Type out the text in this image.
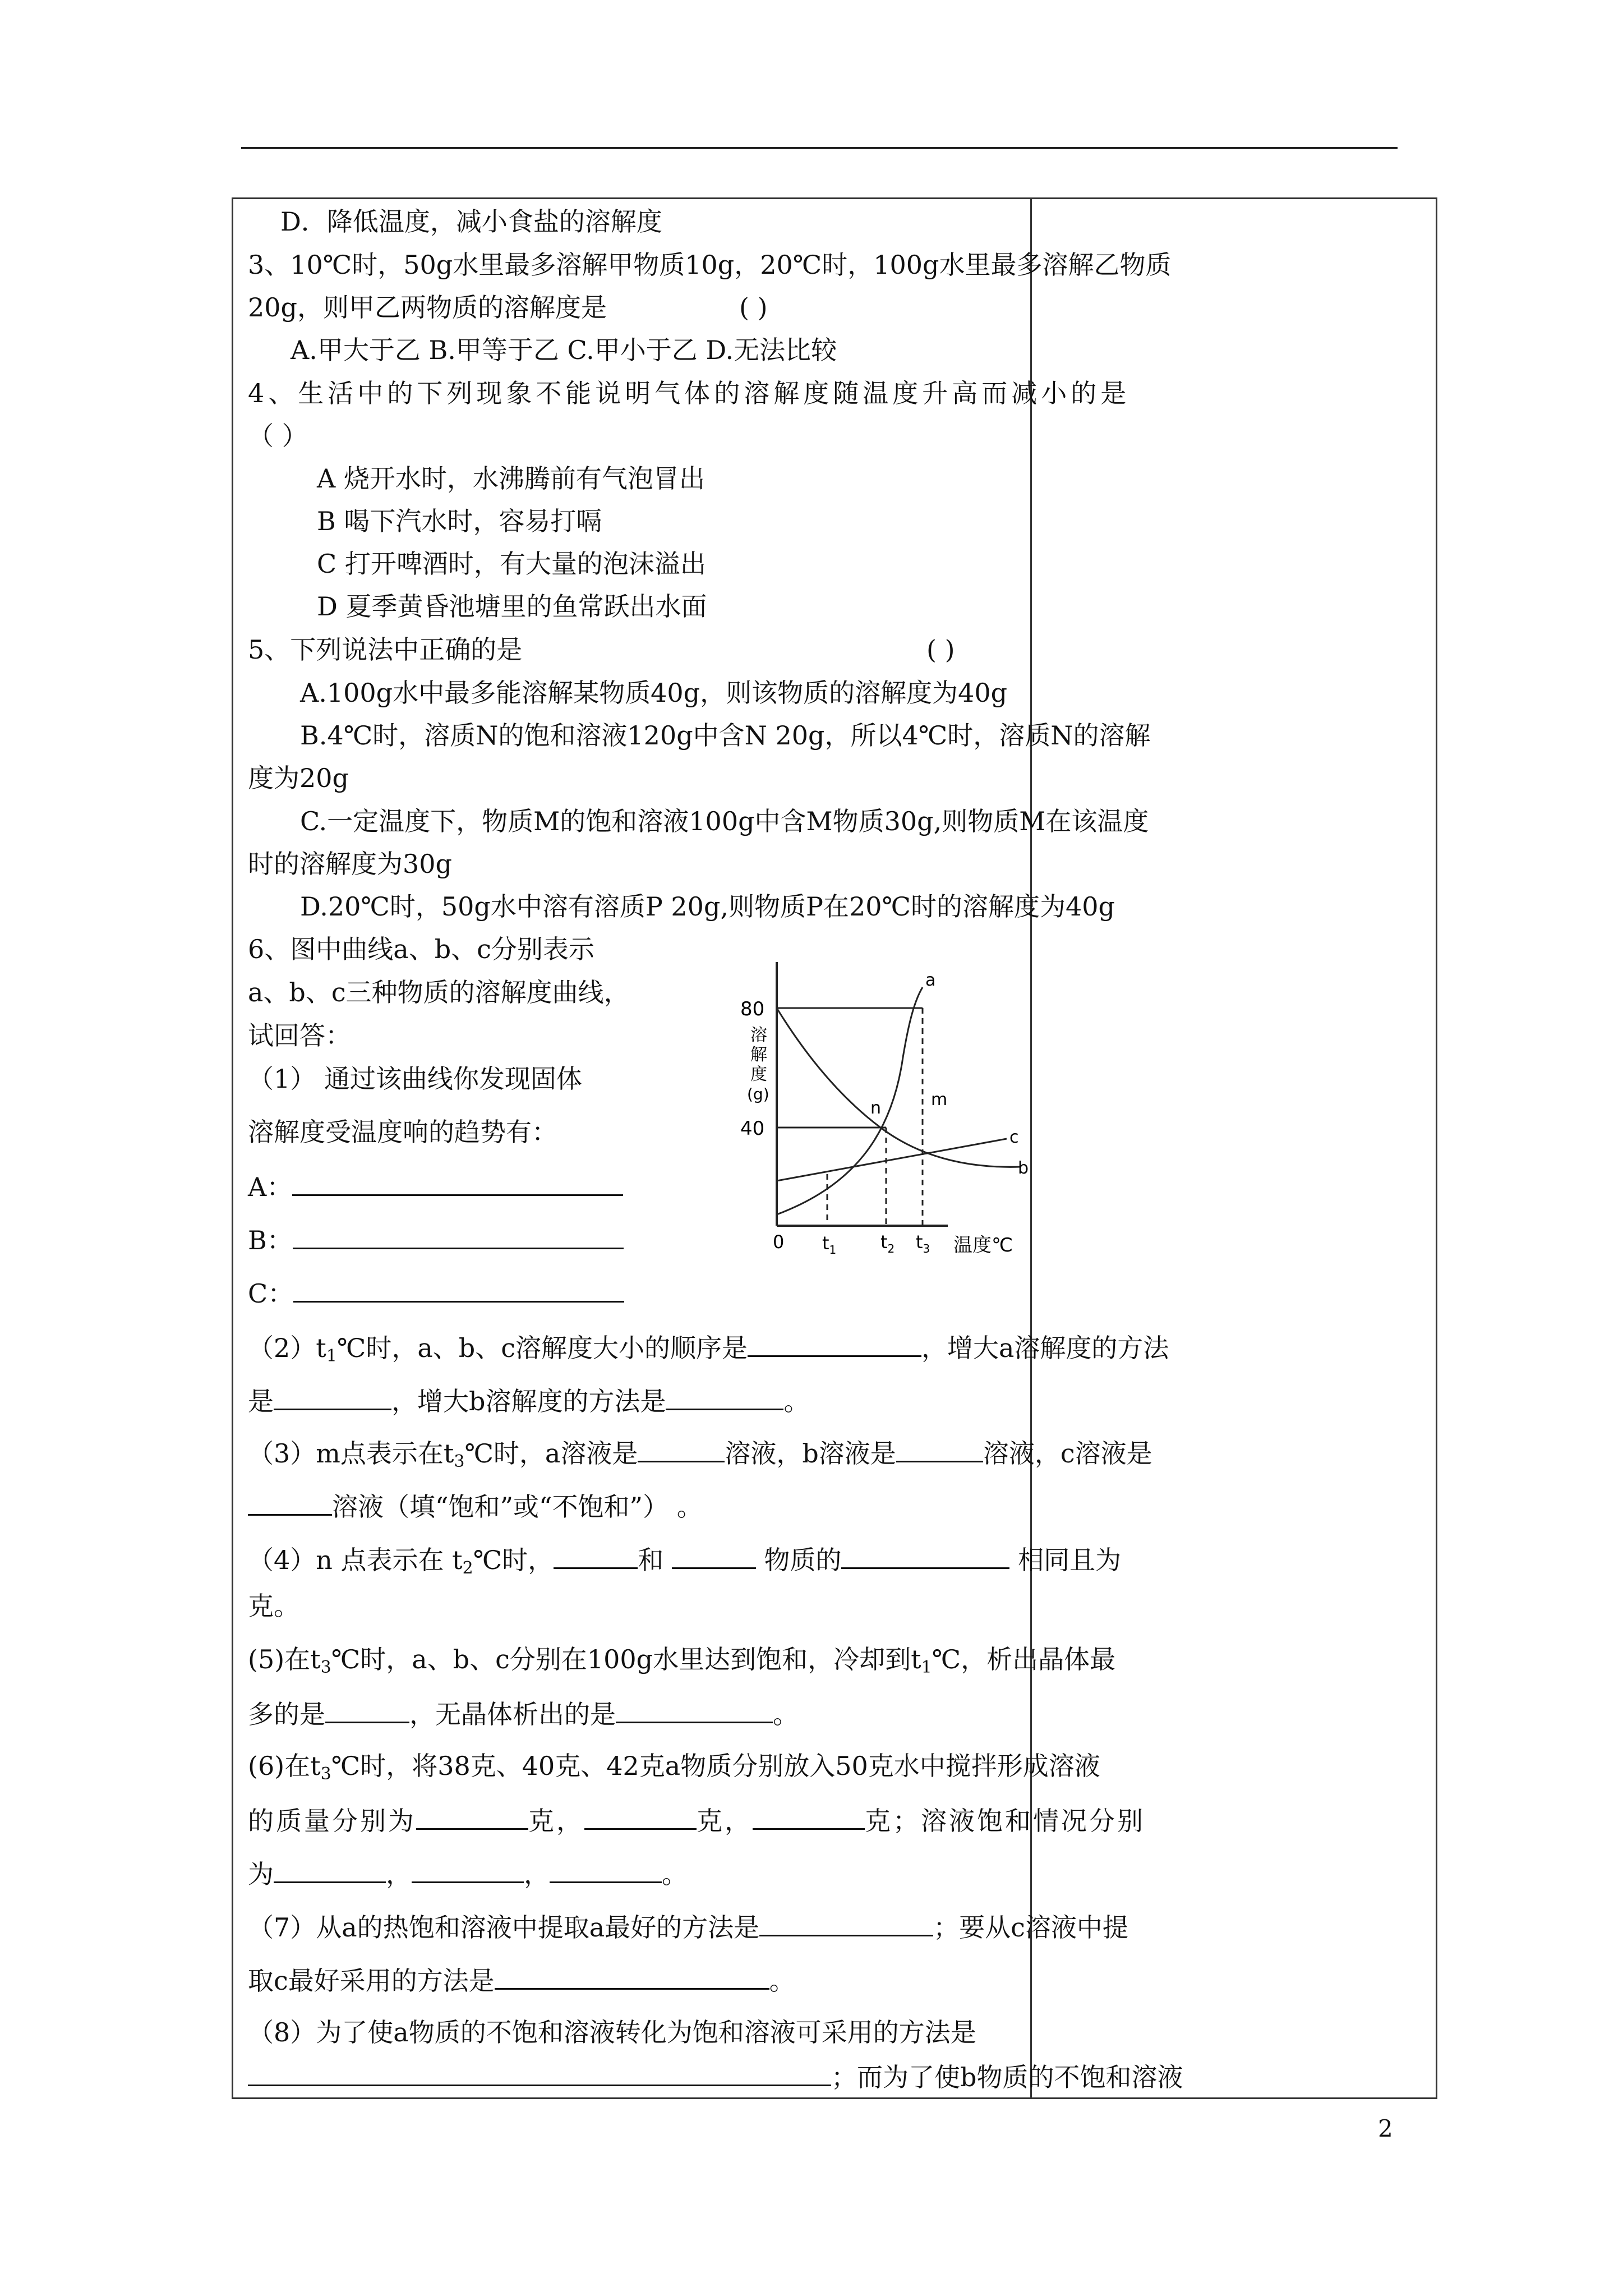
D．降低温度，减小食盐的溶解度
3、10℃时，50g水里最多溶解甲物质10g，20℃时，100g水里最多溶解乙物质
20g，则甲乙两物质的溶解度是	( )
A.甲大于乙 B.甲等于乙 C.甲小于乙 D.无法比较
4、生活中的下列现象不能说明气体的溶解度随温度升高而减小的是
（ ）
A 烧开水时，水沸腾前有气泡冒出
B 喝下汽水时，容易打嗝
C 打开啤酒时，有大量的泡沫溢出
D 夏季黄昏池塘里的鱼常跃出水面
5、下列说法中正确的是	( )
A.100g水中最多能溶解某物质40g，则该物质的溶解度为40g
B.4℃时，溶质N的饱和溶液120g中含N 20g，所以4℃时，溶质N的溶解
度为20g
C.一定温度下，物质M的饱和溶液100g中含M物质30g,则物质M在该温度
时的溶解度为30g
D.20℃时，50g水中溶有溶质P 20g,则物质P在20℃时的溶解度为40g
6、图中曲线a、b、c分别表示
a、b、c三种物质的溶解度曲线，
试回答：
（1） 通过该曲线你发现固体
溶解度受温度响的趋势有：
A：
B：
C：
80
40
溶
解
度
(g)
0 $t_1$ $t_2$ $t_3$ 温度℃
a
b
c
n	m
$(2)t_1℃$时，a、b、c溶解度大小的顺序是	，增大a溶解度的方法
是	，增大b溶解度的方法是	。
（3）m点表示在$t_3℃$时，a溶液是	溶液，b溶液是	溶液，c溶液是
溶液（填“饱和”或“不饱和”） 。
（4）n 点表示在 $t_2℃$时，	和	物质的	相同且为
克。
(5)在$t_3℃$时，a、b、c分别在100g水里达到饱和，冷却到$t_1℃$，析出晶体最
多的是	，无晶体析出的是	。
(6)在$t_3℃$时，将38克、40克、42克a物质分别放入50克水中搅拌形成溶液
的质量分别为	克，	克，	克；溶液饱和情况分别
为	，	，	。
（7）从a的热饱和溶液中提取a最好的方法是	；要从c溶液中提
取c最好采用的方法是	。
（8）为了使a物质的不饱和溶液转化为饱和溶液可采用的方法是
；而为了使b物质的不饱和溶液
2
